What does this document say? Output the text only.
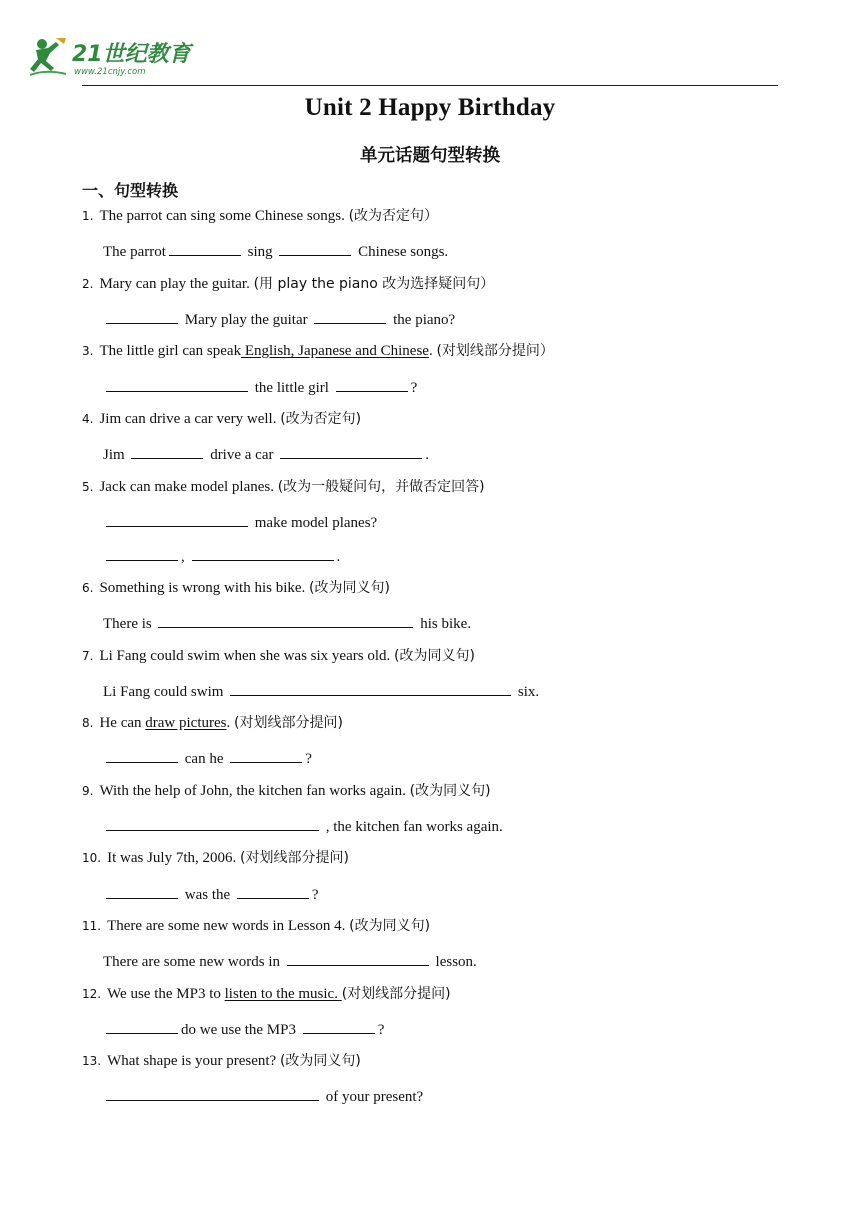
21世纪教育
www.21cnjy.com
Unit 2 Happy Birthday
单元话题句型转换
一、句型转换
1. The parrot can sing some Chinese songs. (改为否定句）
The parrot	sing	Chinese songs.
2. Mary can play the guitar. (用 play the piano 改为选择疑问句）
Mary play the guitar	the piano?
3. The little girl can speak English, Japanese and Chinese. (对划线部分提问）
the little girl	?
4. Jim can drive a car very well. (改为否定句)
Jim	drive a car	.
5. Jack can make model planes. (改为一般疑问句，并做否定回答)
make model planes?
,	.
6. Something is wrong with his bike. (改为同义句)
There is	his bike.
7. Li Fang could swim when she was six years old. (改为同义句)
Li Fang could swim	six.
8. He can draw pictures. (对划线部分提问)
can he	?
9. With the help of John, the kitchen fan works again. (改为同义句)
, the kitchen fan works again.
10. It was July 7th, 2006. (对划线部分提问)
was the	?
11. There are some new words in Lesson 4. (改为同义句)
There are some new words in	lesson.
12. We use the MP3 to listen to the music. (对划线部分提问)
do we use the MP3	?
13. What shape is your present? (改为同义句)
of your present?
